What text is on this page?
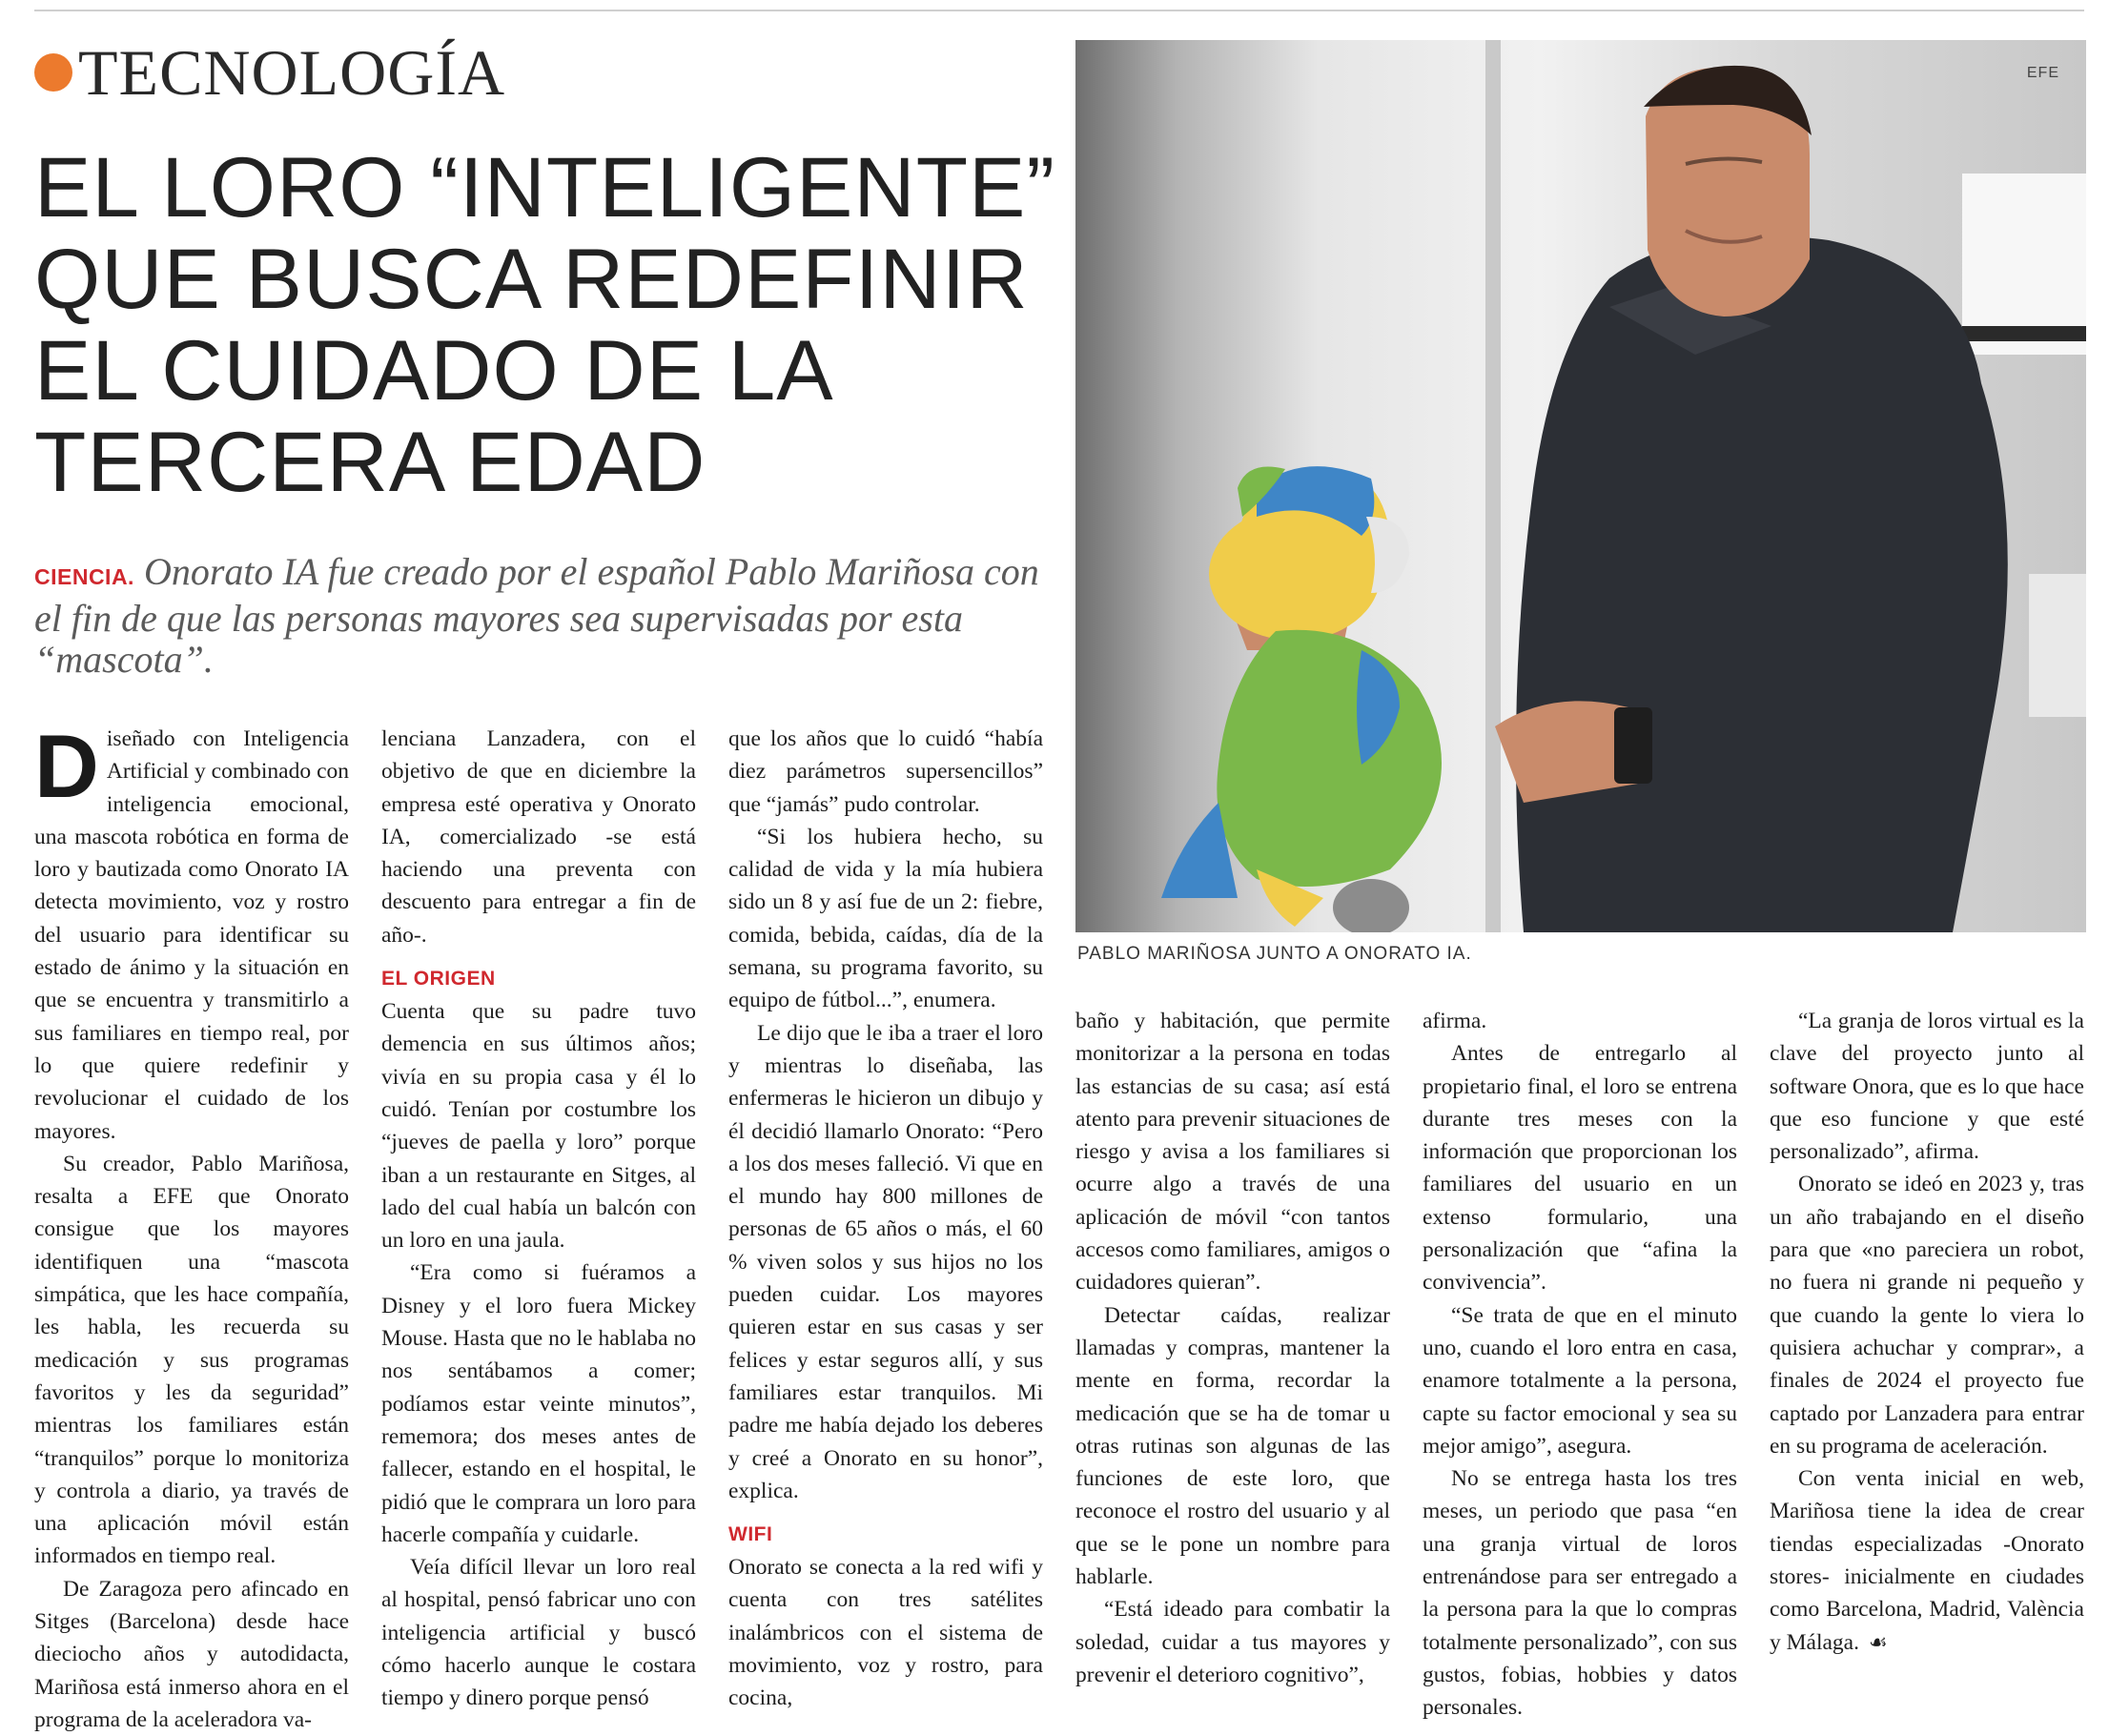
TECNOLOGÍA
EL LORO “INTELIGENTE”
QUE BUSCA REDEFINIR
EL CUIDADO DE LA
TERCERA EDAD
CIENCIA. Onorato IA fue creado por el español Pablo Mariñosa con el fin de que las personas mayores sea supervisadas por esta “mascota”.
EFE
PABLO MARIÑOSA JUNTO A ONORATO IA.

Diseñado con Inteligencia Artificial y combinado con inteligencia emocional, una mascota robótica en forma de loro y bautizada como Onorato IA detecta movimiento, voz y rostro del usuario para identificar su estado de ánimo y la situación en que se encuentra y transmitirlo a sus familiares en tiempo real, por lo que quiere redefinir y revolucionar el cuidado de los mayores.

Su creador, Pablo Mariñosa, resalta a EFE que Onorato consigue que los mayores identifiquen una “mascota simpática, que les hace compañía, les habla, les recuerda su medicación y sus programas favoritos y les da seguridad” mientras los familiares están “tranquilos” porque lo monitoriza y controla a diario, ya través de una aplicación móvil están informados en tiempo real.

De Zaragoza pero afincado en Sitges (Barcelona) desde hace dieciocho años y autodidacta, Mariñosa está inmerso ahora en el programa de la aceleradora va-

lenciana Lanzadera, con el objetivo de que en diciembre la empresa esté operativa y Onorato IA, comercializado -se está haciendo una preventa con descuento para entregar a fin de año-.

EL ORIGEN

Cuenta que su padre tuvo demencia en sus últimos años; vivía en su propia casa y él lo cuidó. Tenían por costumbre los “jueves de paella y loro” porque iban a un restaurante en Sitges, al lado del cual había un balcón con un loro en una jaula.

“Era como si fuéramos a Disney y el loro fuera Mickey Mouse. Hasta que no le hablaba no nos sentábamos a comer; podíamos estar veinte minutos”, rememora; dos meses antes de fallecer, estando en el hospital, le pidió que le comprara un loro para hacerle compañía y cuidarle.

Veía difícil llevar un loro real al hospital, pensó fabricar uno con inteligencia artificial y buscó cómo hacerlo aunque le costara tiempo y dinero porque pensó

que los años que lo cuidó “había diez parámetros supersencillos” que “jamás” pudo controlar.

“Si los hubiera hecho, su calidad de vida y la mía hubiera sido un 8 y así fue de un 2: fiebre, comida, bebida, caídas, día de la semana, su programa favorito, su equipo de fútbol...”, enumera.

Le dijo que le iba a traer el loro y mientras lo diseñaba, las enfermeras le hicieron un dibujo y él decidió llamarlo Onorato: “Pero a los dos meses falleció. Vi que en el mundo hay 800 millones de personas de 65 años o más, el 60 % viven solos y sus hijos no los pueden cuidar. Los mayores quieren estar en sus casas y ser felices y estar seguros allí, y sus familiares estar tranquilos. Mi padre me había dejado los deberes y creé a Onorato en su honor”, explica.

WIFI

Onorato se conecta a la red wifi y cuenta con tres satélites inalámbricos con el sistema de movimiento, voz y rostro, para cocina,

baño y habitación, que permite monitorizar a la persona en todas las estancias de su casa; así está atento para prevenir situaciones de riesgo y avisa a los familiares si ocurre algo a través de una aplicación de móvil “con tantos accesos como familiares, amigos o cuidadores quieran”.

Detectar caídas, realizar llamadas y compras, mantener la mente en forma, recordar la medicación que se ha de tomar u otras rutinas son algunas de las funciones de este loro, que reconoce el rostro del usuario y al que se le pone un nombre para hablarle.

“Está ideado para combatir la soledad, cuidar a tus mayores y prevenir el deterioro cognitivo”,

afirma.

Antes de entregarlo al propietario final, el loro se entrena durante tres meses con la información que proporcionan los familiares del usuario en un extenso formulario, una personalización que “afina la convivencia”.

“Se trata de que en el minuto uno, cuando el loro entra en casa, enamore totalmente a la persona, capte su factor emocional y sea su mejor amigo”, asegura.

No se entrega hasta los tres meses, un periodo que pasa “en una granja virtual de loros entrenándose para ser entregado a la persona para la que lo compras totalmente personalizado”, con sus gustos, fobias, hobbies y datos personales.

“La granja de loros virtual es la clave del proyecto junto al software Onora, que es lo que hace que eso funcione y que esté personalizado”, afirma.

Onorato se ideó en 2023 y, tras un año trabajando en el diseño para que «no pareciera un robot, no fuera ni grande ni pequeño y que cuando la gente lo viera lo quisiera achuchar y comprar», a finales de 2024 el proyecto fue captado por Lanzadera para entrar en su programa de aceleración.

Con venta inicial en web, Mariñosa tiene la idea de crear tiendas especializadas -Onorato stores- inicialmente en ciudades como Barcelona, Madrid, València y Málaga. ☙
